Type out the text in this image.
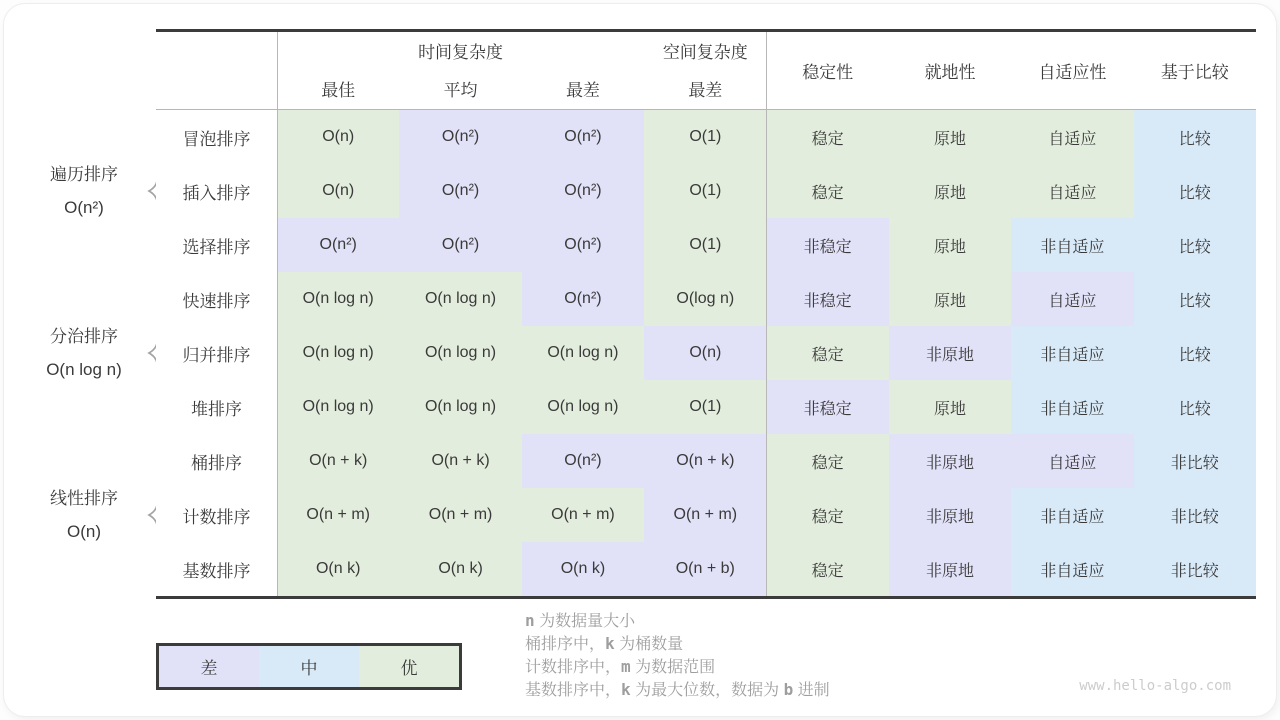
遍历排序
O(n²)
分治排序
O(n log n)
线性排序
O(n)
时间复杂度	空间复杂度
最佳	平均	最差	最差
稳定性	就地性	自适应性	基于比较
冒泡排序	O(n)	O(n²)	O(n²)	O(1)	稳定	原地	自适应	比较
插入排序	O(n)	O(n²)	O(n²)	O(1)	稳定	原地	自适应	比较
选择排序	O(n²)	O(n²)	O(n²)	O(1)	非稳定	原地	非自适应	比较
快速排序	O(n log n)	O(n log n)	O(n²)	O(log n)	非稳定	原地	自适应	比较
归并排序	O(n log n)	O(n log n)	O(n log n)	O(n)	稳定	非原地	非自适应	比较
堆排序	O(n log n)	O(n log n)	O(n log n)	O(1)	非稳定	原地	非自适应	比较
桶排序	O(n + k)	O(n + k)	O(n²)	O(n + k)	稳定	非原地	自适应	非比较
计数排序	O(n + m)	O(n + m)	O(n + m)	O(n + m)	稳定	非原地	非自适应	非比较
基数排序	O(n k)	O(n k)	O(n k)	O(n + b)	稳定	非原地	非自适应	非比较
差	中	优
n 为数据量大小
桶排序中，k 为桶数量
计数排序中，m 为数据范围
基数排序中，k 为最大位数，数据为 b 进制	www.hello-algo.com
